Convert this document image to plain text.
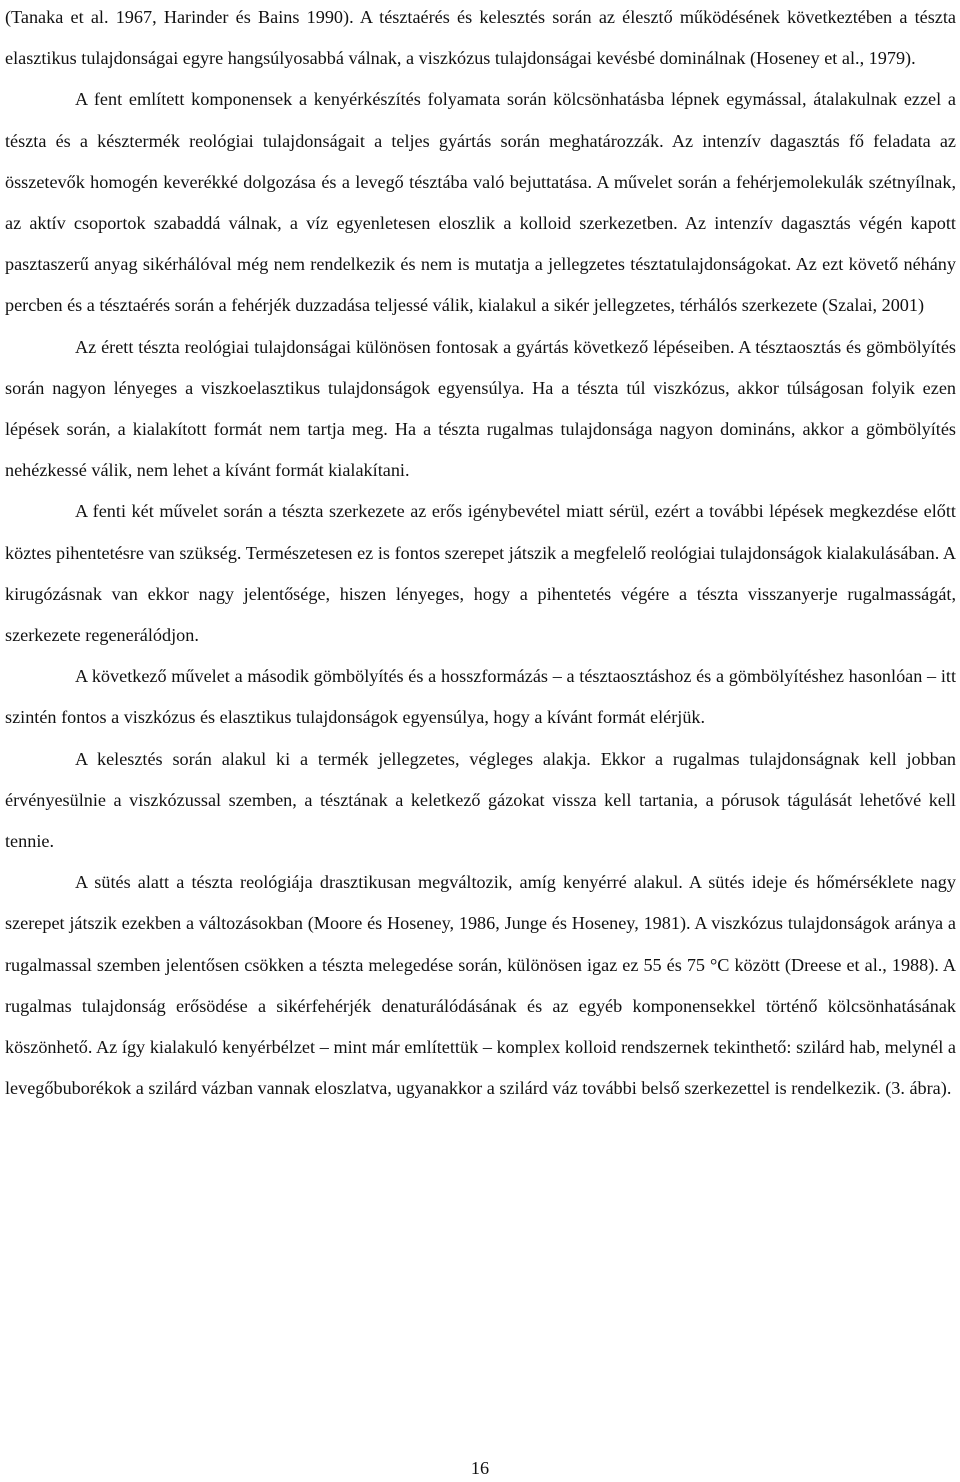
(Tanaka et al. 1967, Harinder és Bains 1990). A tésztaérés és kelesztés során az élesztő működésének következtében a tészta elasztikus tulajdonságai egyre hangsúlyosabbá válnak, a viszkózus tulajdonságai kevésbé dominálnak (Hoseney et al., 1979).

A fent említett komponensek a kenyérkészítés folyamata során kölcsönhatásba lépnek egymással, átalakulnak ezzel a tészta és a késztermék reológiai tulajdonságait a teljes gyártás során meghatározzák. Az intenzív dagasztás fő feladata az összetevők homogén keverékké dolgozása és a levegő tésztába való bejuttatása. A művelet során a fehérjemolekulák szétnyílnak, az aktív csoportok szabaddá válnak, a víz egyenletesen eloszlik a kolloid szerkezetben. Az intenzív dagasztás végén kapott pasztaszerű anyag sikérhálóval még nem rendelkezik és nem is mutatja a jellegzetes tésztatulajdonságokat. Az ezt követő néhány percben és a tésztaérés során a fehérjék duzzadása teljessé válik, kialakul a sikér jellegzetes, térhálós szerkezete (Szalai, 2001)

Az érett tészta reológiai tulajdonságai különösen fontosak a gyártás következő lépéseiben. A tésztaosztás és gömbölyítés során nagyon lényeges a viszkoelasztikus tulajdonságok egyensúlya. Ha a tészta túl viszkózus, akkor túlságosan folyik ezen lépések során, a kialakított formát nem tartja meg. Ha a tészta rugalmas tulajdonsága nagyon domináns, akkor a gömbölyítés nehézkessé válik, nem lehet a kívánt formát kialakítani.

A fenti két művelet során a tészta szerkezete az erős igénybevétel miatt sérül, ezért a további lépések megkezdése előtt köztes pihentetésre van szükség. Természetesen ez is fontos szerepet játszik a megfelelő reológiai tulajdonságok kialakulásában. A kirugózásnak van ekkor nagy jelentősége, hiszen lényeges, hogy a pihentetés végére a tészta visszanyerje rugalmasságát, szerkezete regenerálódjon.

A következő művelet a második gömbölyítés és a hosszformázás – a tésztaosztáshoz és a gömbölyítéshez hasonlóan – itt szintén fontos a viszkózus és elasztikus tulajdonságok egyensúlya, hogy a kívánt formát elérjük.

A kelesztés során alakul ki a termék jellegzetes, végleges alakja. Ekkor a rugalmas tulajdonságnak kell jobban érvényesülnie a viszkózussal szemben, a tésztának a keletkező gázokat vissza kell tartania, a pórusok tágulását lehetővé kell tennie.

A sütés alatt a tészta reológiája drasztikusan megváltozik, amíg kenyérré alakul. A sütés ideje és hőmérséklete nagy szerepet játszik ezekben a változásokban (Moore és Hoseney, 1986, Junge és Hoseney, 1981). A viszkózus tulajdonságok aránya a rugalmassal szemben jelentősen csökken a tészta melegedése során, különösen igaz ez 55 és 75 °C között (Dreese et al., 1988). A rugalmas tulajdonság erősödése a sikérfehérjék denaturálódásának és az egyéb komponensekkel történő kölcsönhatásának köszönhető. Az így kialakuló kenyérbélzet – mint már említettük – komplex kolloid rendszernek tekinthető: szilárd hab, melynél a levegőbuborékok a szilárd vázban vannak eloszlatva, ugyanakkor a szilárd váz további belső szerkezettel is rendelkezik. (3. ábra).

16
